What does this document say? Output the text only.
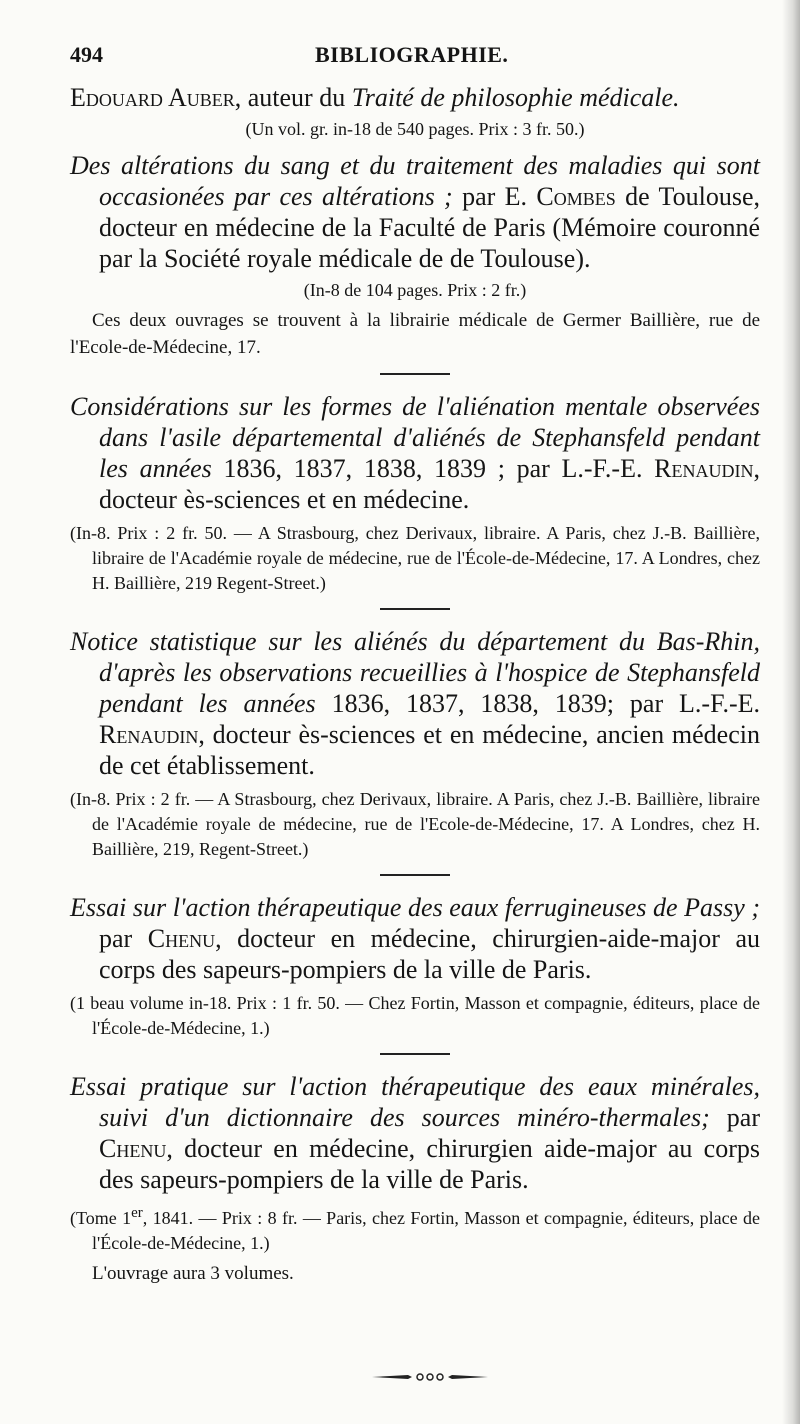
494	BIBLIOGRAPHIE.

Edouard Auber, auteur du Traité de philosophie médicale.

(Un vol. gr. in-18 de 540 pages. Prix : 3 fr. 50.)

Des altérations du sang et du traitement des maladies qui sont occasionées par ces altérations ; par E. Combes de Toulouse, docteur en médecine de la Faculté de Paris (Mémoire couronné par la Société royale médicale de de Toulouse).

(In-8 de 104 pages. Prix : 2 fr.)

Ces deux ouvrages se trouvent à la librairie médicale de Germer Baillière, rue de l'Ecole-de-Médecine, 17.

Considérations sur les formes de l'aliénation mentale observées dans l'asile départemental d'aliénés de Stephansfeld pendant les années 1836, 1837, 1838, 1839 ; par L.-F.-E. Renaudin, docteur ès-sciences et en médecine.

(In-8. Prix : 2 fr. 50. — A Strasbourg, chez Derivaux, libraire. A Paris, chez J.-B. Baillière, libraire de l'Académie royale de médecine, rue de l'École-de-Médecine, 17. A Londres, chez H. Baillière, 219 Regent-Street.)

Notice statistique sur les aliénés du département du Bas-Rhin, d'après les observations recueillies à l'hospice de Stephansfeld pendant les années 1836, 1837, 1838, 1839; par L.-F.-E. Renaudin, docteur ès-sciences et en médecine, ancien médecin de cet établissement.

(In-8. Prix : 2 fr. — A Strasbourg, chez Derivaux, libraire. A Paris, chez J.-B. Baillière, libraire de l'Académie royale de médecine, rue de l'Ecole-de-Médecine, 17. A Londres, chez H. Baillière, 219, Regent-Street.)

Essai sur l'action thérapeutique des eaux ferrugineuses de Passy ; par Chenu, docteur en médecine, chirurgien-aide-major au corps des sapeurs-pompiers de la ville de Paris.

(1 beau volume in-18. Prix : 1 fr. 50. — Chez Fortin, Masson et compagnie, éditeurs, place de l'École-de-Médecine, 1.)

Essai pratique sur l'action thérapeutique des eaux minérales, suivi d'un dictionnaire des sources minéro-thermales; par Chenu, docteur en médecine, chirurgien aide-major au corps des sapeurs-pompiers de la ville de Paris.

(Tome 1er, 1841. — Prix : 8 fr. — Paris, chez Fortin, Masson et compagnie, éditeurs, place de l'École-de-Médecine, 1.)

L'ouvrage aura 3 volumes.
